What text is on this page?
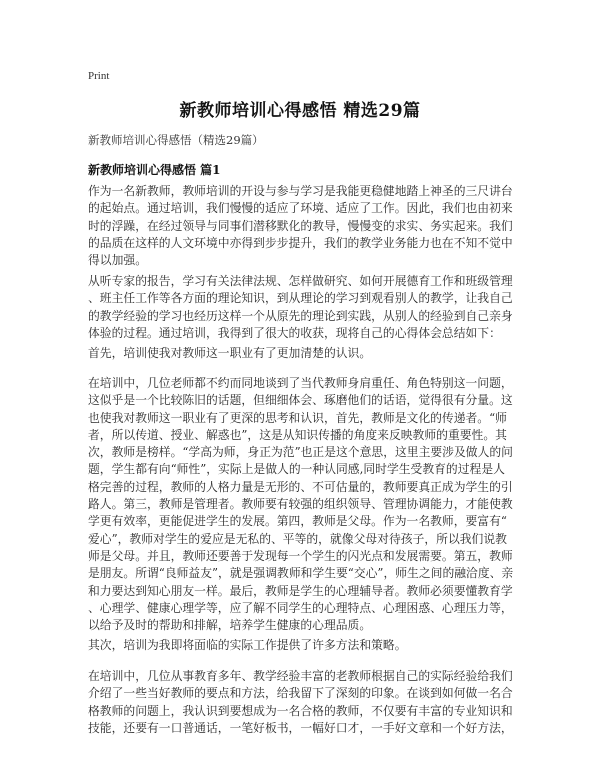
Print
新教师培训心得感悟 精选29篇
新教师培训心得感悟（精选29篇）
新教师培训心得感悟 篇1
作为一名新教师，教师培训的开设与参与学习是我能更稳健地踏上神圣的三尺讲台
的起始点。通过培训，我们慢慢的适应了环境、适应了工作。因此，我们也由初来
时的浮躁，在经过领导与同事们潜移默化的教导，慢慢变的求实、务实起来。我们
的品质在这样的人文环境中亦得到步步提升，我们的教学业务能力也在不知不觉中
得以加强。
从听专家的报告，学习有关法律法规、怎样做研究、如何开展德育工作和班级管理
、班主任工作等各方面的理论知识，到从理论的学习到观看别人的教学，让我自己
的教学经验的学习也经历这样一个从原先的理论到实践，从别人的经验到自己亲身
体验的过程。通过培训，我得到了很大的收获，现将自己的心得体会总结如下：
首先，培训使我对教师这一职业有了更加清楚的认识。
在培训中，几位老师都不约而同地谈到了当代教师身肩重任、角色特别这一问题，
这似乎是一个比较陈旧的话题，但细细体会、琢磨他们的话语，觉得很有分量。这
也使我对教师这一职业有了更深的思考和认识，首先，教师是文化的传递者。“师
者，所以传道、授业、解惑也”，这是从知识传播的角度来反映教师的重要性。其
次，教师是榜样。“学高为师，身正为范”也正是这个意思，这里主要涉及做人的问
题，学生都有向“师性”，实际上是做人的一种认同感,同时学生受教育的过程是人
格完善的过程，教师的人格力量是无形的、不可估量的，教师要真正成为学生的引
路人。第三，教师是管理者。教师要有较强的组织领导、管理协调能力，才能使教
学更有效率，更能促进学生的发展。第四，教师是父母。作为一名教师，要富有“
爱心”，教师对学生的爱应是无私的、平等的，就像父母对待孩子，所以我们说教
师是父母。并且，教师还要善于发现每一个学生的闪光点和发展需要。第五，教师
是朋友。所谓“良师益友”，就是强调教师和学生要“交心”，师生之间的融洽度、亲
和力要达到知心朋友一样。最后，教师是学生的心理辅导者。教师必须要懂教育学
、心理学、健康心理学等，应了解不同学生的心理特点、心理困惑、心理压力等，
以给予及时的帮助和排解，培养学生健康的心理品质。
其次，培训为我即将面临的实际工作提供了许多方法和策略。
在培训中，几位从事教育多年、教学经验丰富的老教师根据自己的实际经验给我们
介绍了一些当好教师的要点和方法，给我留下了深刻的印象。在谈到如何做一名合
格教师的问题上，我认识到要想成为一名合格的教师，不仅要有丰富的专业知识和
技能，还要有一口普通话，一笔好板书，一幅好口才，一手好文章和一个好方法，
